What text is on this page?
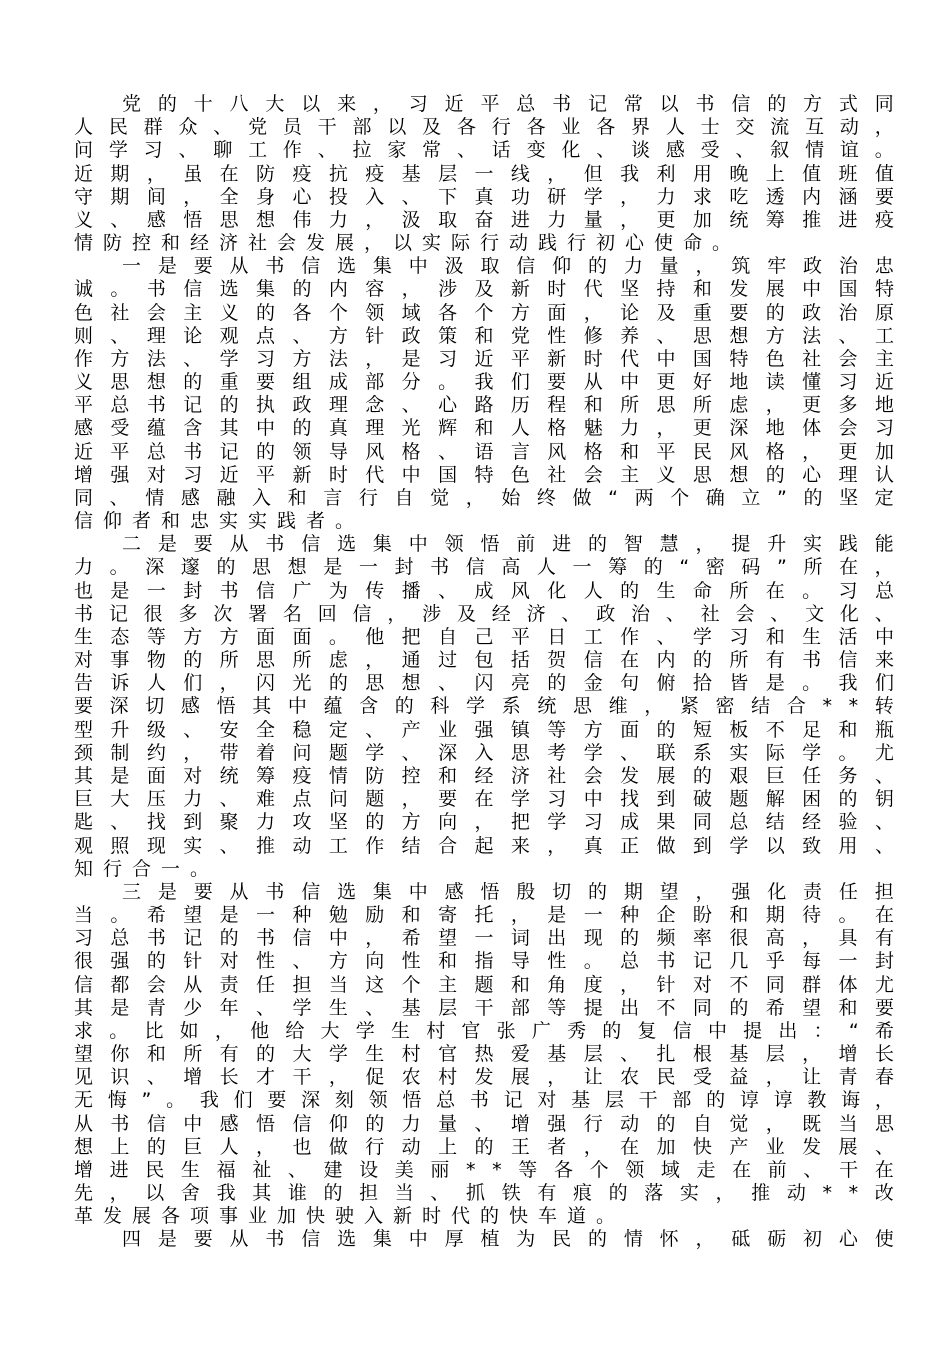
党 的 十 八 大 以 来 ， 习 近 平 总 书 记 常 以 书 信 的 方 式 同
人 民 群 众 、 党 员 干 部 以 及 各 行 各 业 各 界 人 士 交 流 互 动 ，
问 学 习 、 聊 工 作 、 拉 家 常 、 话 变 化 、 谈 感 受 、 叙 情 谊 。
近 期 ， 虽 在 防 疫 抗 疫 基 层 一 线 ， 但 我 利 用 晚 上 值 班 值
守 期 间 ， 全 身 心 投 入 、 下 真 功 研 学 ， 力 求 吃 透 内 涵 要
义 、 感 悟 思 想 伟 力 ， 汲 取 奋 进 力 量 ， 更 加 统 筹 推 进 疫
情防控和经济社会发展，以实际行动践行初心使命。
一 是 要 从 书 信 选 集 中 汲 取 信 仰 的 力 量 ， 筑 牢 政 治 忠
诚 。 书 信 选 集 的 内 容 ， 涉 及 新 时 代 坚 持 和 发 展 中 国 特
色 社 会 主 义 的 各 个 领 域 各 个 方 面 ， 论 及 重 要 的 政 治 原
则 、 理 论 观 点 、 方 针 政 策 和 党 性 修 养 、 思 想 方 法 、 工
作 方 法 、 学 习 方 法 ， 是 习 近 平 新 时 代 中 国 特 色 社 会 主
义 思 想 的 重 要 组 成 部 分 。 我 们 要 从 中 更 好 地 读 懂 习 近
平 总 书 记 的 执 政 理 念 、 心 路 历 程 和 所 思 所 虑 ， 更 多 地
感 受 蕴 含 其 中 的 真 理 光 辉 和 人 格 魅 力 ， 更 深 地 体 会 习
近 平 总 书 记 的 领 导 风 格 、 语 言 风 格 和 平 民 风 格 ， 更 加
增 强 对 习 近 平 新 时 代 中 国 特 色 社 会 主 义 思 想 的 心 理 认
同 、 情 感 融 入 和 言 行 自 觉 ， 始 终 做 “ 两 个 确 立 ” 的 坚 定
信仰者和忠实实践者。
二 是 要 从 书 信 选 集 中 领 悟 前 进 的 智 慧 ， 提 升 实 践 能
力 。 深 邃 的 思 想 是 一 封 书 信 高 人 一 筹 的 “ 密 码 ” 所 在 ，
也 是 一 封 书 信 广 为 传 播 、 成 风 化 人 的 生 命 所 在 。 习 总
书 记 很 多 次 署 名 回 信 ， 涉 及 经 济 、 政 治 、 社 会 、 文 化 、
生 态 等 方 方 面 面 。 他 把 自 己 平 日 工 作 、 学 习 和 生 活 中
对 事 物 的 所 思 所 虑 ， 通 过 包 括 贺 信 在 内 的 所 有 书 信 来
告 诉 人 们 ， 闪 光 的 思 想 、 闪 亮 的 金 句 俯 拾 皆 是 。 我 们
要 深 切 感 悟 其 中 蕴 含 的 科 学 系 统 思 维 ， 紧 密 结 合 * * 转
型 升 级 、 安 全 稳 定 、 产 业 强 镇 等 方 面 的 短 板 不 足 和 瓶
颈 制 约 ， 带 着 问 题 学 、 深 入 思 考 学 、 联 系 实 际 学 。 尤
其 是 面 对 统 筹 疫 情 防 控 和 经 济 社 会 发 展 的 艰 巨 任 务 、
巨 大 压 力 、 难 点 问 题 ， 要 在 学 习 中 找 到 破 题 解 困 的 钥
匙 、 找 到 聚 力 攻 坚 的 方 向 ， 把 学 习 成 果 同 总 结 经 验 、
观 照 现 实 、 推 动 工 作 结 合 起 来 ， 真 正 做 到 学 以 致 用 、
知行合一。
三 是 要 从 书 信 选 集 中 感 悟 殷 切 的 期 望 ， 强 化 责 任 担
当 。 希 望 是 一 种 勉 励 和 寄 托 ， 是 一 种 企 盼 和 期 待 。 在
习 总 书 记 的 书 信 中 ， 希 望 一 词 出 现 的 频 率 很 高 ， 具 有
很 强 的 针 对 性 、 方 向 性 和 指 导 性 。 总 书 记 几 乎 每 一 封
信 都 会 从 责 任 担 当 这 个 主 题 和 角 度 ， 针 对 不 同 群 体 尤
其 是 青 少 年 、 学 生 、 基 层 干 部 等 提 出 不 同 的 希 望 和 要
求 。 比 如 ， 他 给 大 学 生 村 官 张 广 秀 的 复 信 中 提 出 ： “ 希
望 你 和 所 有 的 大 学 生 村 官 热 爱 基 层 、 扎 根 基 层 ， 增 长
见 识 、 增 长 才 干 ， 促 农 村 发 展 ， 让 农 民 受 益 ， 让 青 春
无 悔 ” 。 我 们 要 深 刻 领 悟 总 书 记 对 基 层 干 部 的 谆 谆 教 诲 ，
从 书 信 中 感 悟 信 仰 的 力 量 、 增 强 行 动 的 自 觉 ， 既 当 思
想 上 的 巨 人 ， 也 做 行 动 上 的 王 者 ， 在 加 快 产 业 发 展 、
增 进 民 生 福 祉 、 建 设 美 丽 * * 等 各 个 领 域 走 在 前 、 干 在
先 ， 以 舍 我 其 谁 的 担 当 、 抓 铁 有 痕 的 落 实 ， 推 动 * * 改
革发展各项事业加快驶入新时代的快车道。
四 是 要 从 书 信 选 集 中 厚 植 为 民 的 情 怀 ， 砥 砺 初 心 使
